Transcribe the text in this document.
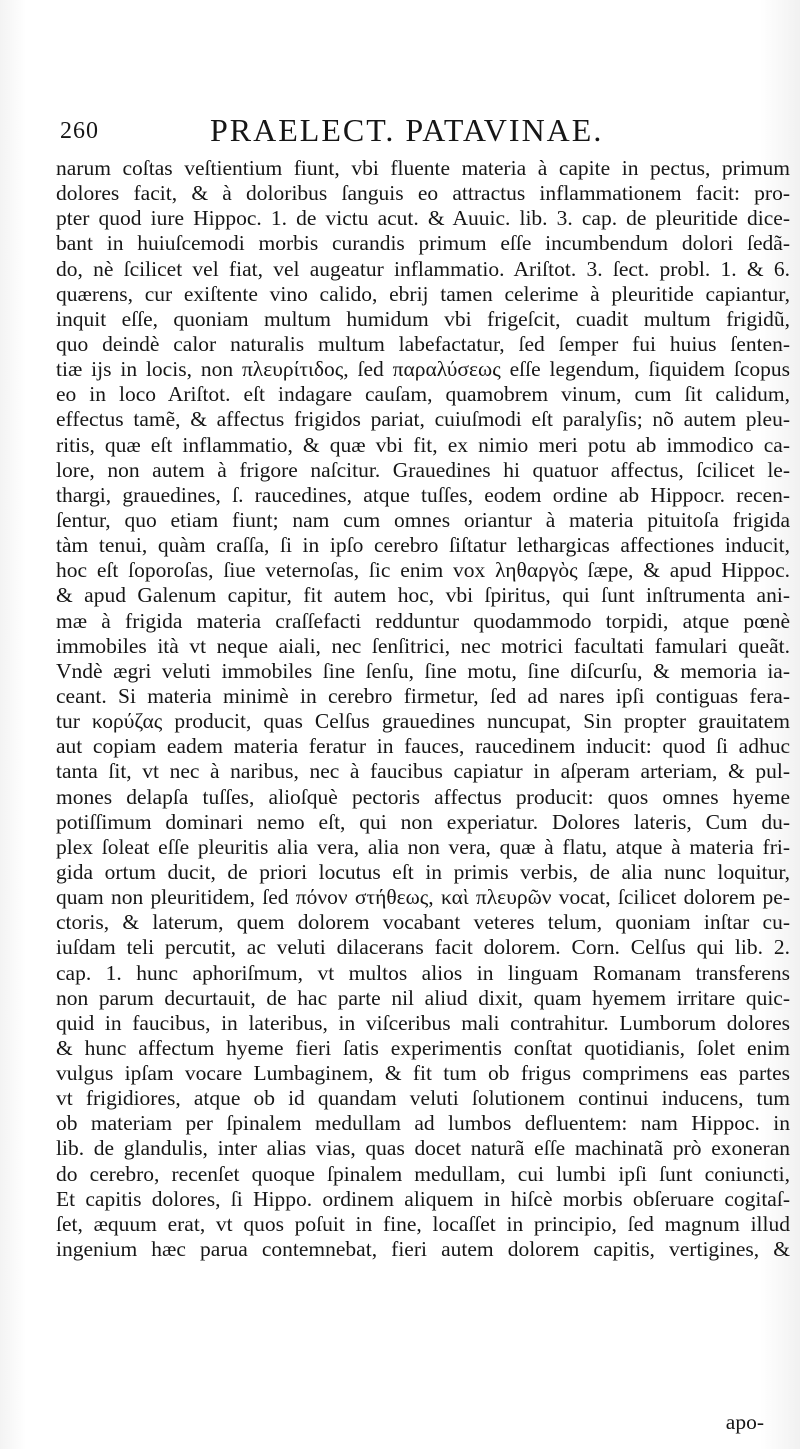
260	PRAELECT. PATAVINAE.
narum coſtas veſtientium fiunt, vbi fluente materia à capite in pectus, primum
dolores facit, & à doloribus ſanguis eo attractus inflammationem facit: pro-
pter quod iure Hippoc. 1. de victu acut. & Auuic. lib. 3. cap. de pleuritide dice-
bant in huiuſcemodi morbis curandis primum eſſe incumbendum dolori ſedã-
do, nè ſcilicet vel fiat, vel augeatur inflammatio. Ariſtot. 3. ſect. probl. 1. & 6.
quærens, cur exiſtente vino calido, ebrij tamen celerime à pleuritide capiantur,
inquit eſſe, quoniam multum humidum vbi frigeſcit, cuadit multum frigidũ,
quo deindè calor naturalis multum labefactatur, ſed ſemper fui huius ſenten-
tiæ ijs in locis, non πλευρίτιδος, ſed παραλύσεως eſſe legendum, ſiquidem ſcopus
eo in loco Ariſtot. eſt indagare cauſam, quamobrem vinum, cum ſit calidum,
effectus tamẽ, & affectus frigidos pariat, cuiuſmodi eſt paralyſis; nõ autem pleu-
ritis, quæ eſt inflammatio, & quæ vbi fit, ex nimio meri potu ab immodico ca-
lore, non autem à frigore naſcitur. Grauedines hi quatuor affectus, ſcilicet le-
thargi, grauedines, ſ. raucedines, atque tuſſes, eodem ordine ab Hippocr. recen-
ſentur, quo etiam fiunt; nam cum omnes oriantur à materia pituitoſa frigida
tàm tenui, quàm craſſa, ſi in ipſo cerebro ſiſtatur lethargicas affectiones inducit,
hoc eſt ſoporoſas, ſiue veternoſas, ſic enim vox ληθαργὸς ſæpe, & apud Hippoc.
& apud Galenum capitur, fit autem hoc, vbi ſpiritus, qui ſunt inſtrumenta ani-
mæ à frigida materia craſſefacti redduntur quodammodo torpidi, atque pœnè
immobiles ità vt neque aiali, nec ſenſitrici, nec motrici facultati famulari queãt.
Vndè ægri veluti immobiles ſine ſenſu, ſine motu, ſine diſcurſu, & memoria ia-
ceant. Si materia minimè in cerebro firmetur, ſed ad nares ipſi contiguas fera-
tur κορύζας producit, quas Celſus grauedines nuncupat, Sin propter grauitatem
aut copiam eadem materia feratur in fauces, raucedinem inducit: quod ſi adhuc
tanta ſit, vt nec à naribus, nec à faucibus capiatur in aſperam arteriam, & pul-
mones delapſa tuſſes, alioſquè pectoris affectus producit: quos omnes hyeme
potiſſimum dominari nemo eſt, qui non experiatur. Dolores lateris, Cum du-
plex ſoleat eſſe pleuritis alia vera, alia non vera, quæ à flatu, atque à materia fri-
gida ortum ducit, de priori locutus eſt in primis verbis, de alia nunc loquitur,
quam non pleuritidem, ſed πόνον στήθεως, καὶ πλευρῶν vocat, ſcilicet dolorem pe-
ctoris, & laterum, quem dolorem vocabant veteres telum, quoniam inſtar cu-
iuſdam teli percutit, ac veluti dilacerans facit dolorem. Corn. Celſus qui lib. 2.
cap. 1. hunc aphoriſmum, vt multos alios in linguam Romanam transferens
non parum decurtauit, de hac parte nil aliud dixit, quam hyemem irritare quic-
quid in faucibus, in lateribus, in viſceribus mali contrahitur. Lumborum dolores
& hunc affectum hyeme fieri ſatis experimentis conſtat quotidianis, ſolet enim
vulgus ipſam vocare Lumbaginem, & fit tum ob frigus comprimens eas partes
vt frigidiores, atque ob id quandam veluti ſolutionem continui inducens, tum
ob materiam per ſpinalem medullam ad lumbos defluentem: nam Hippoc. in
lib. de glandulis, inter alias vias, quas docet naturã eſſe machinatã prò exoneran
do cerebro, recenſet quoque ſpinalem medullam, cui lumbi ipſi ſunt coniuncti,
Et capitis dolores, ſi Hippo. ordinem aliquem in hiſcè morbis obſeruare cogitaſ-
ſet, æquum erat, vt quos poſuit in fine, locaſſet in principio, ſed magnum illud
ingenium hæc parua contemnebat, fieri autem dolorem capitis, vertigines, &
apo-
